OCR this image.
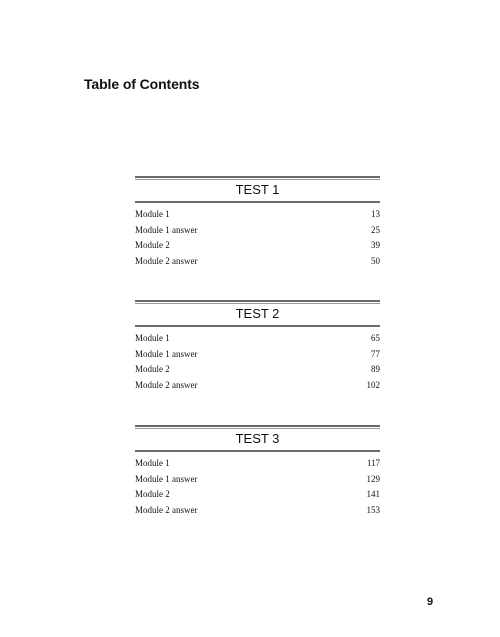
Table of Contents
TEST 1
Module 1	13
Module 1 answer	25
Module 2	39
Module 2 answer	50
TEST 2
Module 1	65
Module 1 answer	77
Module 2	89
Module 2 answer	102
TEST 3
Module 1	117
Module 1 answer	129
Module 2	141
Module 2 answer	153
9
